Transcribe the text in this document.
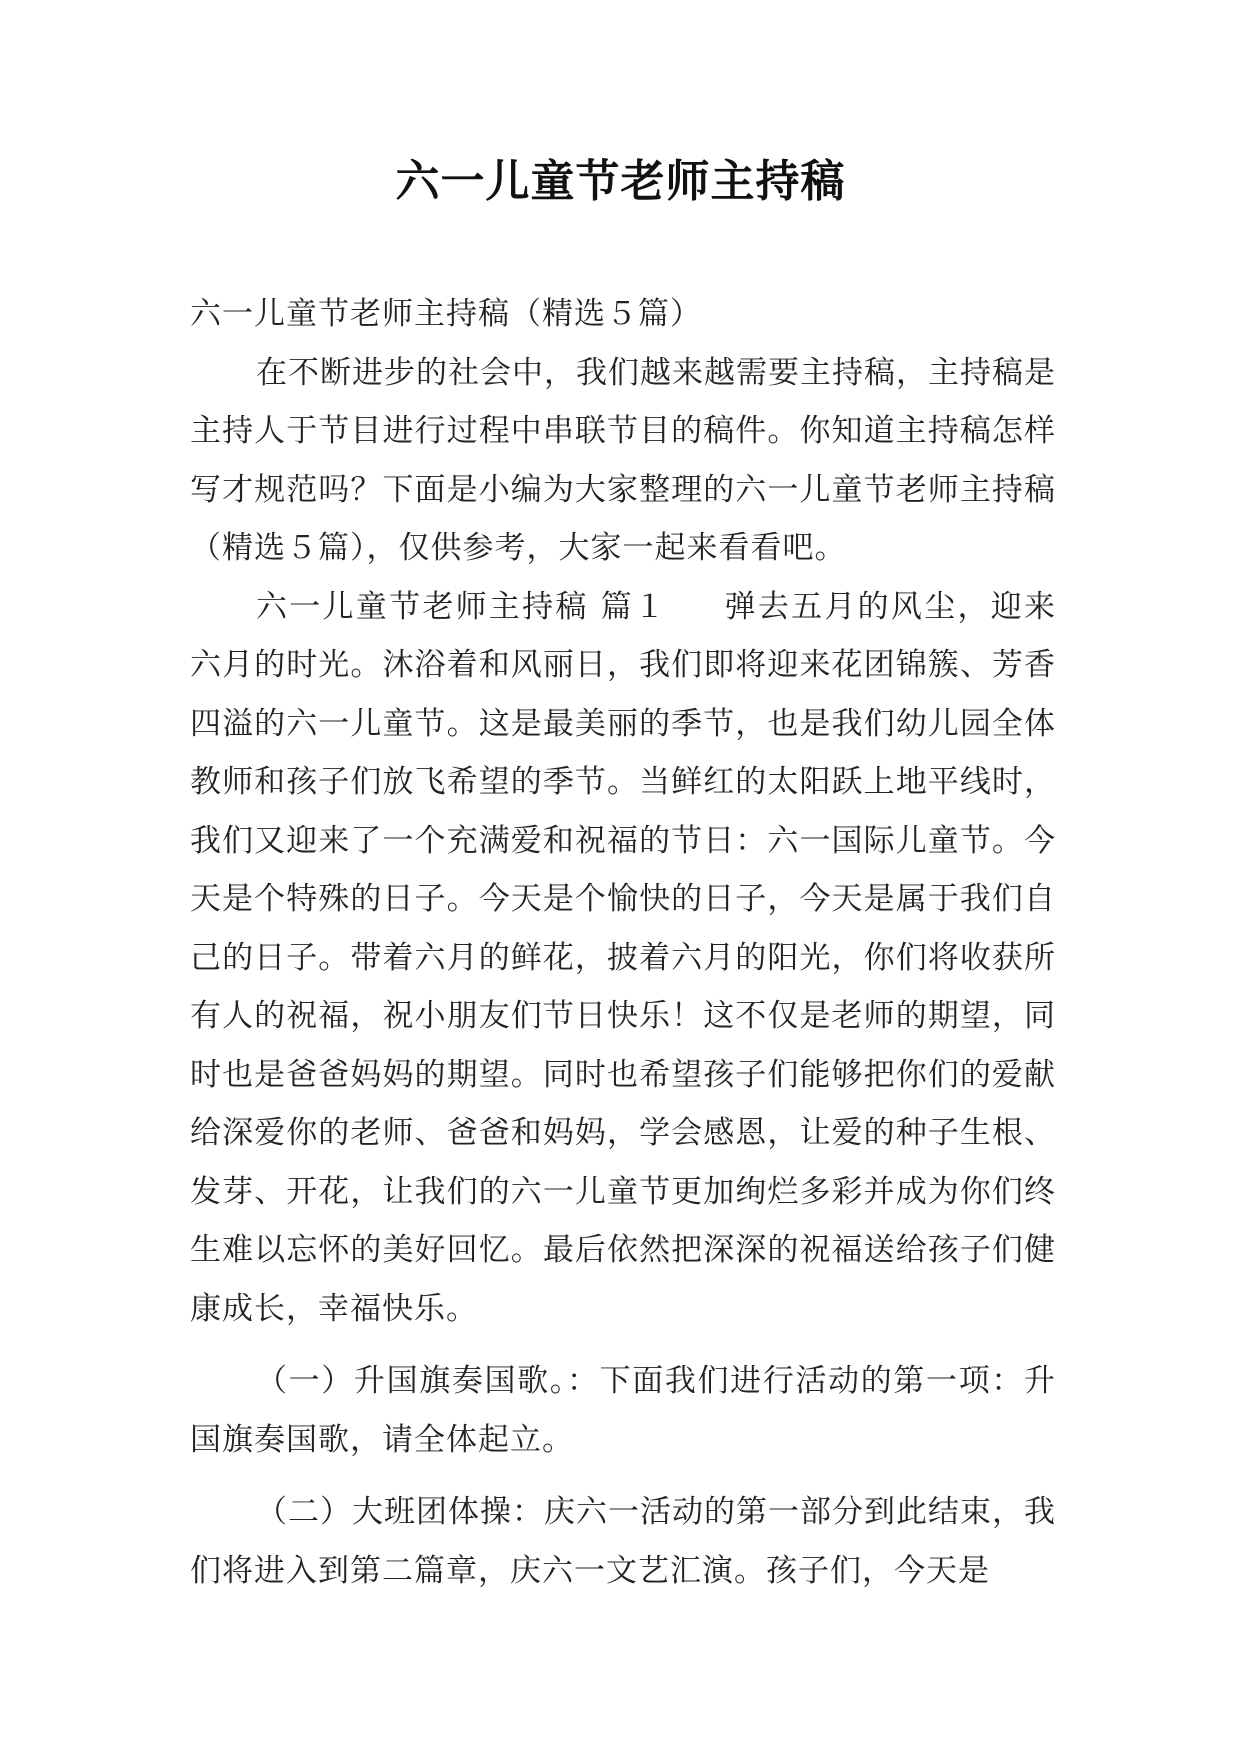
六一儿童节老师主持稿

六一儿童节老师主持稿（精选５篇）

在不断进步的社会中，我们越来越需要主持稿，主持稿是主持人于节目进行过程中串联节目的稿件。你知道主持稿怎样写才规范吗？下面是小编为大家整理的六一儿童节老师主持稿（精选５篇），仅供参考，大家一起来看看吧。

六一儿童节老师主持稿 篇１ 弹去五月的风尘，迎来六月的时光。沐浴着和风丽日，我们即将迎来花团锦簇、芳香四溢的六一儿童节。这是最美丽的季节，也是我们幼儿园全体教师和孩子们放飞希望的季节。当鲜红的太阳跃上地平线时，我们又迎来了一个充满爱和祝福的节日：六一国际儿童节。今天是个特殊的日子。今天是个愉快的日子，今天是属于我们自己的日子。带着六月的鲜花，披着六月的阳光，你们将收获所有人的祝福，祝小朋友们节日快乐！这不仅是老师的期望，同时也是爸爸妈妈的期望。同时也希望孩子们能够把你们的爱献给深爱你的老师、爸爸和妈妈，学会感恩，让爱的种子生根、发芽、开花，让我们的六一儿童节更加绚烂多彩并成为你们终生难以忘怀的美好回忆。最后依然把深深的祝福送给孩子们健康成长，幸福快乐。

（一）升国旗奏国歌。：下面我们进行活动的第一项：升国旗奏国歌，请全体起立。

（二）大班团体操：庆六一活动的第一部分到此结束，我们将进入到第二篇章，庆六一文艺汇演。孩子们，今天是
